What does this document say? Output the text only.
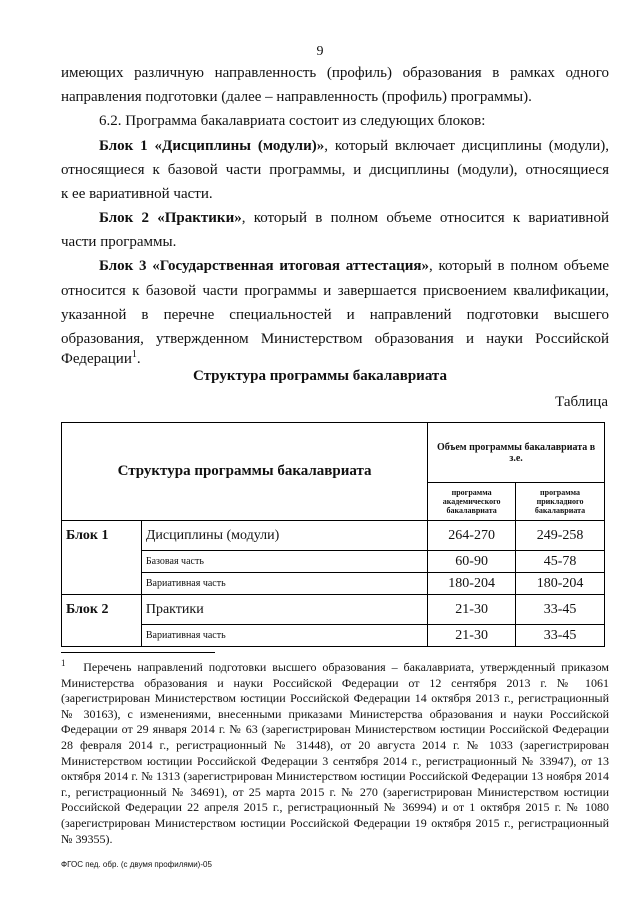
9
имеющих различную направленность (профиль) образования в рамках одного
направления подготовки (далее – направленность (профиль) программы).
6.2. Программа бакалавриата состоит из следующих блоков:
Блок 1 «Дисциплины (модули)», который включает дисциплины (модули),
относящиеся к базовой части программы, и дисциплины (модули), относящиеся
к ее вариативной части.
Блок 2 «Практики», который в полном объеме относится к вариативной
части программы.
Блок 3 «Государственная итоговая аттестация», который в полном объеме
относится к базовой части программы и завершается присвоением квалификации,
указанной в перечне специальностей и направлений подготовки высшего
образования, утвержденном Министерством образования и науки Российской
Федерации$^1$.
Структура программы бакалавриата
Таблица
Структура программы бакалавриата		Объем программы бакалавриата в з.е.	
		программа академического бакалавриата	программа прикладного бакалавриата
Блок 1	Дисциплины (модули)	264-270	249-258
	Базовая часть	60-90	45-78
	Вариативная часть	180-204	180-204
Блок 2	Практики	21-30	33-45
	Вариативная часть	21-30	33-45
$^1$ Перечень направлений подготовки высшего образования – бакалавриата, утвержденный приказом Министерства образования и науки Российской Федерации от 12 сентября 2013 г. № 1061 (зарегистрирован Министерством юстиции Российской Федерации 14 октября 2013 г., регистрационный № 30163), с изменениями, внесенными приказами Министерства образования и науки Российской Федерации от 29 января 2014 г. № 63 (зарегистрирован Министерством юстиции Российской Федерации 28 февраля 2014 г., регистрационный № 31448), от 20 августа 2014 г. № 1033 (зарегистрирован Министерством юстиции Российской Федерации 3 сентября 2014 г., регистрационный № 33947), от 13 октября 2014 г. № 1313 (зарегистрирован Министерством юстиции Российской Федерации 13 ноября 2014 г., регистрационный № 34691), от 25 марта 2015 г. № 270 (зарегистрирован Министерством юстиции Российской Федерации 22 апреля 2015 г., регистрационный № 36994) и от 1 октября 2015 г. № 1080 (зарегистрирован Министерством юстиции Российской Федерации 19 октября 2015 г., регистрационный № 39355).
ФГОС пед. обр. (с двумя профилями)-05
